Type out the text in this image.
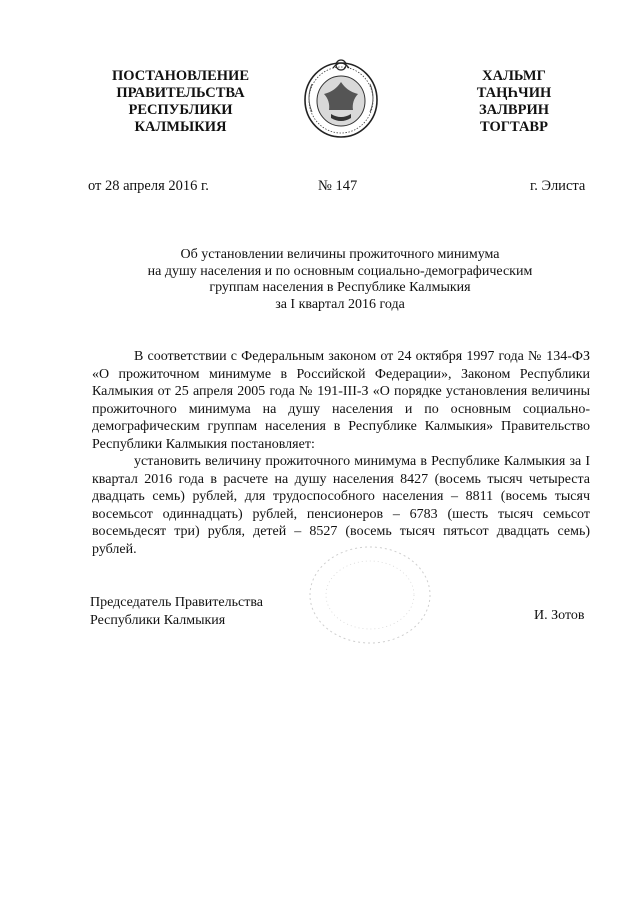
ПОСТАНОВЛЕНИЕ
ПРАВИТЕЛЬСТВА
РЕСПУБЛИКИ
КАЛМЫКИЯ
ХАЛЬМГ
ТАҢҺЧИН
ЗАЛВРИН
ТОГТАВР
от 28 апреля 2016 г.	№ 147	г. Элиста
Об установлении величины прожиточного минимума
на душу населения и по основным социально-демографическим
группам населения в Республике Калмыкия
за I квартал 2016 года

В соответствии с Федеральным законом от 24 октября 1997 года № 134-ФЗ «О прожиточном минимуме в Российской Федерации», Законом Республики Калмыкия от 25 апреля 2005 года № 191-III-З «О порядке установления величины прожиточного минимума на душу населения и по основным социально-демографическим группам населения в Республике Калмыкия» Правительство Республики Калмыкия постановляет:

установить величину прожиточного минимума в Республике Калмыкия за I квартал 2016 года в расчете на душу населения 8427 (восемь тысяч четыреста двадцать семь) рублей, для трудоспособного населения – 8811 (восемь тысяч восемьсот одиннадцать) рублей, пенсионеров – 6783 (шесть тысяч семьсот восемьдесят три) рубля, детей – 8527 (восемь тысяч пятьсот двадцать семь) рублей.

Председатель Правительства
Республики Калмыкия	И. Зотов
